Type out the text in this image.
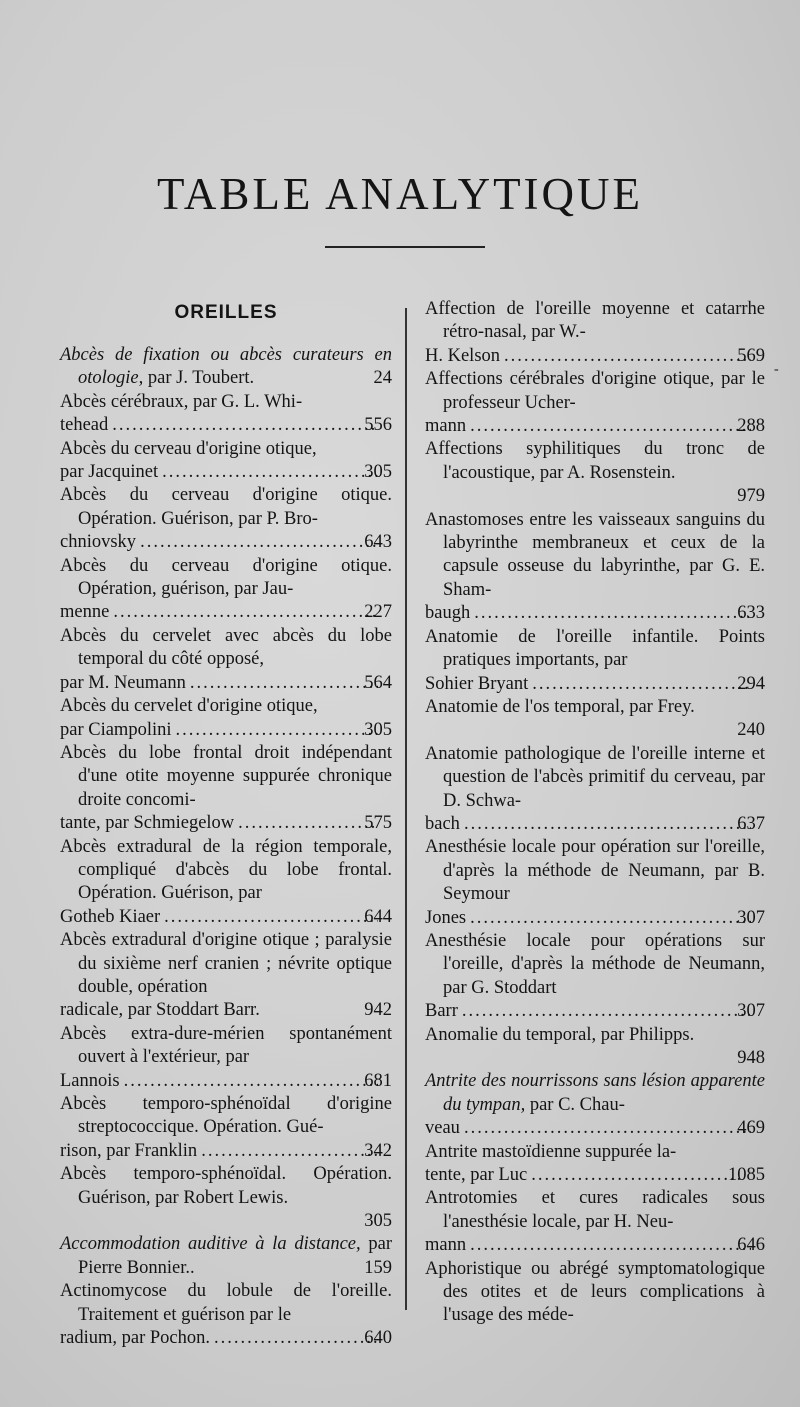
TABLE ANALYTIQUE
-
OREILLES
Abcès de fixation ou abcès curateurs en otologie, par J. Toubert.	24
Abcès cérébraux, par G. L. Whi-
tehead .....	556
Abcès du cerveau d'origine otique,
par Jacquinet .....	305
Abcès du cerveau d'origine otique. Opération. Guérison, par P. Bro-
chniovsky .....	643
Abcès du cerveau d'origine otique. Opération, guérison, par Jau-
menne .....	227
Abcès du cervelet avec abcès du lobe temporal du côté opposé,
par M. Neumann .....	564
Abcès du cervelet d'origine otique,
par Ciampolini .....	305
Abcès du lobe frontal droit indépendant d'une otite moyenne suppurée chronique droite concomi-
tante, par Schmiegelow .....	575
Abcès extradural de la région temporale, compliqué d'abcès du lobe frontal. Opération. Guérison, par
Gotheb Kiaer .....	644
Abcès extradural d'origine otique ; paralysie du sixième nerf cranien ; névrite optique double, opération
radicale, par Stoddart Barr.	942
Abcès extra-dure-mérien spontanément ouvert à l'extérieur, par
Lannois .....	681
Abcès temporo-sphénoïdal d'origine streptococcique. Opération. Gué-
rison, par Franklin .....	342
Abcès temporo-sphénoïdal. Opération. Guérison, par Robert Lewis.
305
Accommodation auditive à la distance, par Pierre Bonnier..	159
Actinomycose du lobule de l'oreille. Traitement et guérison par le
radium, par Pochon. .....	640
Affection de l'oreille moyenne et catarrhe rétro-nasal, par W.-
H. Kelson .....	569
Affections cérébrales d'origine otique, par le professeur Ucher-
mann .....	288
Affections syphilitiques du tronc de l'acoustique, par A. Rosenstein.
979
Anastomoses entre les vaisseaux sanguins du labyrinthe membraneux et ceux de la capsule osseuse du labyrinthe, par G. E. Sham-
baugh .....	633
Anatomie de l'oreille infantile. Points pratiques importants, par
Sohier Bryant .....	294
Anatomie de l'os temporal, par Frey.
240
Anatomie pathologique de l'oreille interne et question de l'abcès primitif du cerveau, par D. Schwa-
bach .....	637
Anesthésie locale pour opération sur l'oreille, d'après la méthode de Neumann, par B. Seymour
Jones .....	307
Anesthésie locale pour opérations sur l'oreille, d'après la méthode de Neumann, par G. Stoddart
Barr .....	307
Anomalie du temporal, par Philipps.
948
Antrite des nourrissons sans lésion apparente du tympan, par C. Chau-
veau .....	469
Antrite mastoïdienne suppurée la-
tente, par Luc .....	1085
Antrotomies et cures radicales sous l'anesthésie locale, par H. Neu-
mann .....	646
Aphoristique ou abrégé symptomatologique des otites et de leurs complications à l'usage des méde-
